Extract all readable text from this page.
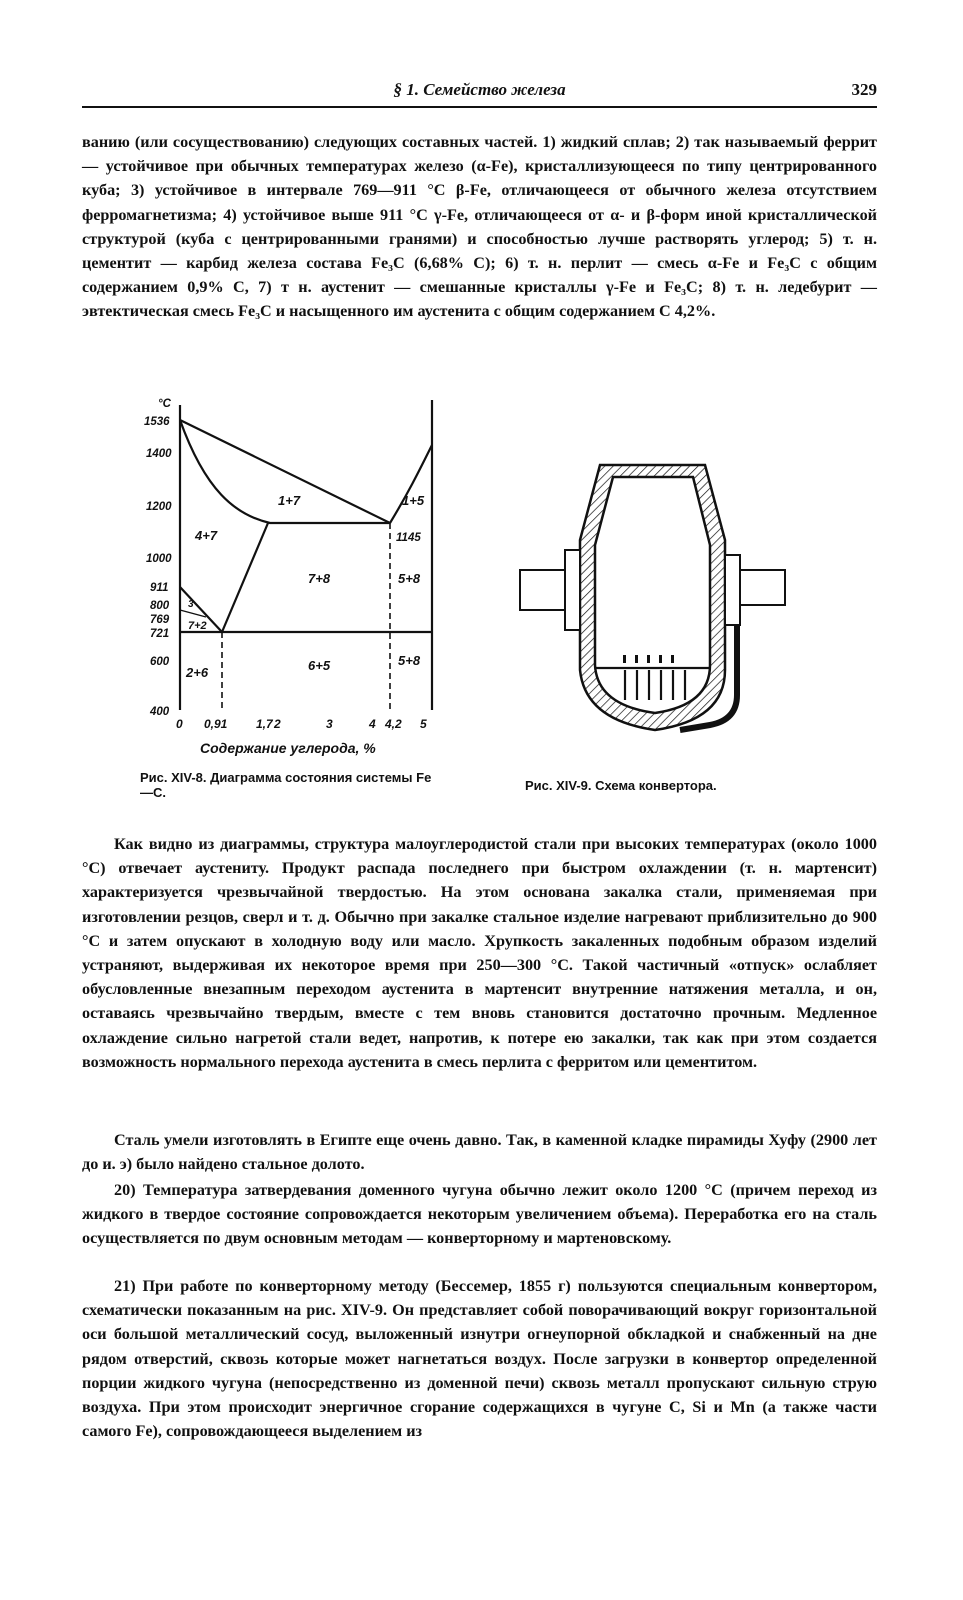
§ 1. Семейство железа	329
ванию (или сосуществованию) следующих составных частей. 1) жидкий сплав; 2) так называемый феррит — устойчивое при обычных температурах железо (α-Fe), кристаллизующееся по типу центрированного куба; 3) устойчивое в интервале 769—911 °С β-Fe, отличающееся от обычного железа отсутствием ферромагнетизма; 4) устойчивое выше 911 °С γ-Fe, отличающееся от α- и β-форм иной кристаллической структурой (куба с центрированными гранями) и способностью лучше растворять углерод; 5) т. н. цементит — карбид железа состава Fe₃C (6,68% С); 6) т. н. перлит — смесь α-Fe и Fe₃C с общим содержанием 0,9% С, 7) т н. аустенит — смешанные кристаллы γ-Fe и Fe₃C; 8) т. н. ледебурит — эвтектическая смесь Fe₃C и насыщенного им аустенита с общим содержанием С 4,2%.
°C
1536
1400
1200
1145
1000
911
800
769
721
600
400
0 0,91 1,7 2	3	4 4,2 5
1+7	1+5
4+7
7+8	5+8
7+2
6+5	5+8
2+6
3
Содержание углерода, %
Рис. XIV-8. Диаграмма состояния системы Fe—C.	Рис. XIV-9. Схема конвертора.
Как видно из диаграммы, структура малоуглеродистой стали при высоких температурах (около 1000 °С) отвечает аустениту. Продукт распада последнего при быстром охлаждении (т. н. мартенсит) характеризуется чрезвычайной твердостью. На этом основана закалка стали, применяемая при изготовлении резцов, сверл и т. д. Обычно при закалке стальное изделие нагревают приблизительно до 900 °С и затем опускают в холодную воду или масло. Хрупкость закаленных подобным образом изделий устраняют, выдерживая их некоторое время при 250—300 °С. Такой частичный «отпуск» ослабляет обусловленные внезапным переходом аустенита в мартенсит внутренние натяжения металла, и он, оставаясь чрезвычайно твердым, вместе с тем вновь становится достаточно прочным. Медленное охлаждение сильно нагретой стали ведет, напротив, к потере ею закалки, так как при этом создается возможность нормального перехода аустенита в смесь перлита с ферритом или цементитом.
Сталь умели изготовлять в Египте еще очень давно. Так, в каменной кладке пирамиды Хуфу (2900 лет до и. э) было найдено стальное долото.
20) Температура затвердевания доменного чугуна обычно лежит около 1200 °С (причем переход из жидкого в твердое состояние сопровождается некоторым увеличением объема). Переработка его на сталь осуществляется по двум основным методам — конверторному и мартеновскому.
21) При работе по конверторному методу (Бессемер, 1855 г) пользуются специальным конвертором, схематически показанным на рис. XIV-9. Он представляет собой поворачивающий вокруг горизонтальной оси большой металлический сосуд, выложенный изнутри огнеупорной обкладкой и снабженный на дне рядом отверстий, сквозь которые может нагнетаться воздух. После загрузки в конвертор определенной порции жидкого чугуна (непосредственно из доменной печи) сквозь металл пропускают сильную струю воздуха. При этом происходит энергичное сгорание содержащихся в чугуне С, Si и Mn (а также части самого Fe), сопровождающееся выделением из
